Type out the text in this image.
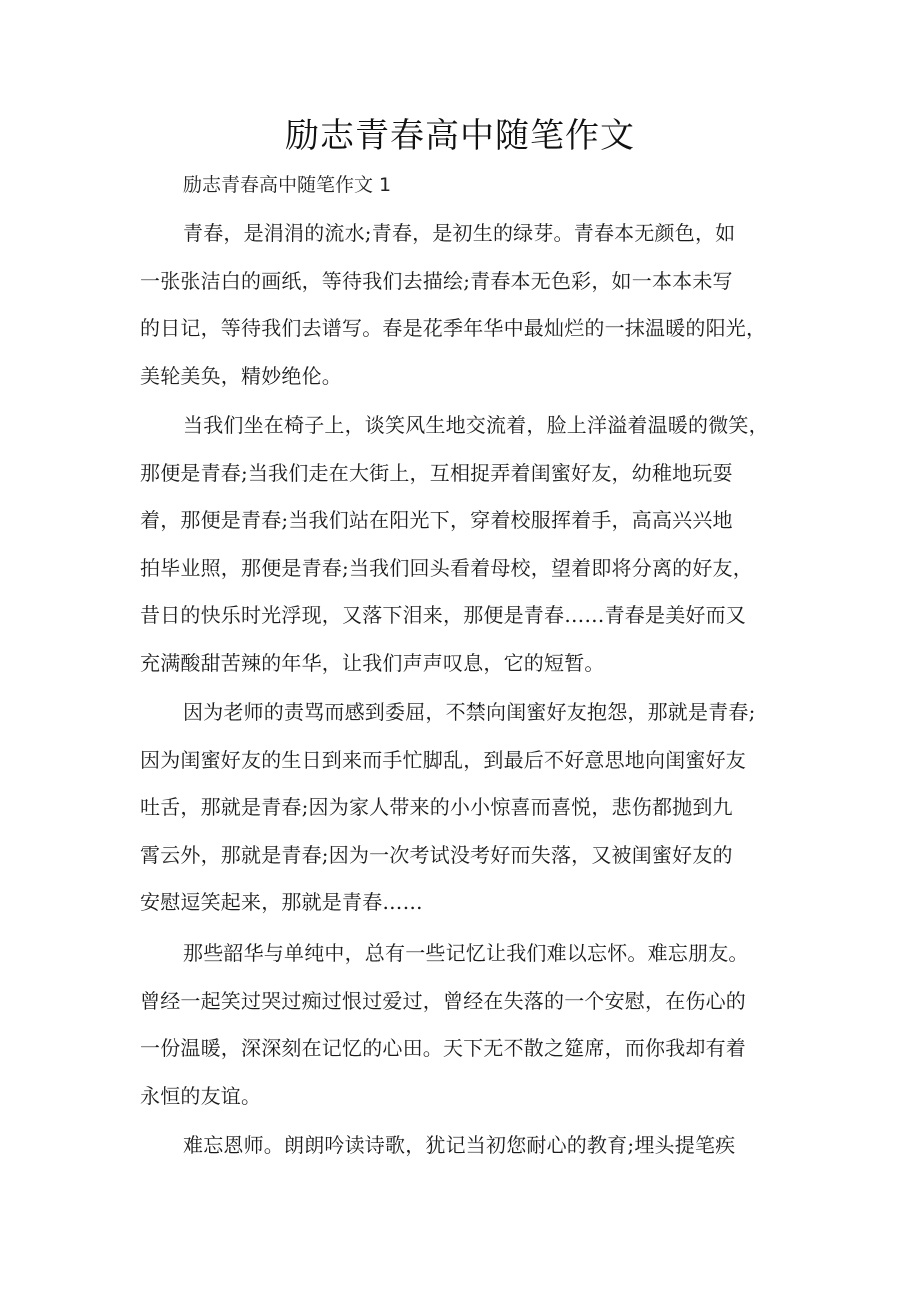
励志青春高中随笔作文
励志青春高中随笔作文 1
青春，是涓涓的流水;青春，是初生的绿芽。青春本无颜色，如
一张张洁白的画纸，等待我们去描绘;青春本无色彩，如一本本未写
的日记，等待我们去谱写。春是花季年华中最灿烂的一抹温暖的阳光，
美轮美奂，精妙绝伦。
当我们坐在椅子上，谈笑风生地交流着，脸上洋溢着温暖的微笑，
那便是青春;当我们走在大街上，互相捉弄着闺蜜好友，幼稚地玩耍
着，那便是青春;当我们站在阳光下，穿着校服挥着手，高高兴兴地
拍毕业照，那便是青春;当我们回头看着母校，望着即将分离的好友，
昔日的快乐时光浮现，又落下泪来，那便是青春……青春是美好而又
充满酸甜苦辣的年华，让我们声声叹息，它的短暂。
因为老师的责骂而感到委屈，不禁向闺蜜好友抱怨，那就是青春;
因为闺蜜好友的生日到来而手忙脚乱，到最后不好意思地向闺蜜好友
吐舌，那就是青春;因为家人带来的小小惊喜而喜悦，悲伤都抛到九
霄云外，那就是青春;因为一次考试没考好而失落，又被闺蜜好友的
安慰逗笑起来，那就是青春……
那些韶华与单纯中，总有一些记忆让我们难以忘怀。难忘朋友。
曾经一起笑过哭过痴过恨过爱过，曾经在失落的一个安慰，在伤心的
一份温暖，深深刻在记忆的心田。天下无不散之筵席，而你我却有着
永恒的友谊。
难忘恩师。朗朗吟读诗歌，犹记当初您耐心的教育;埋头提笔疾
